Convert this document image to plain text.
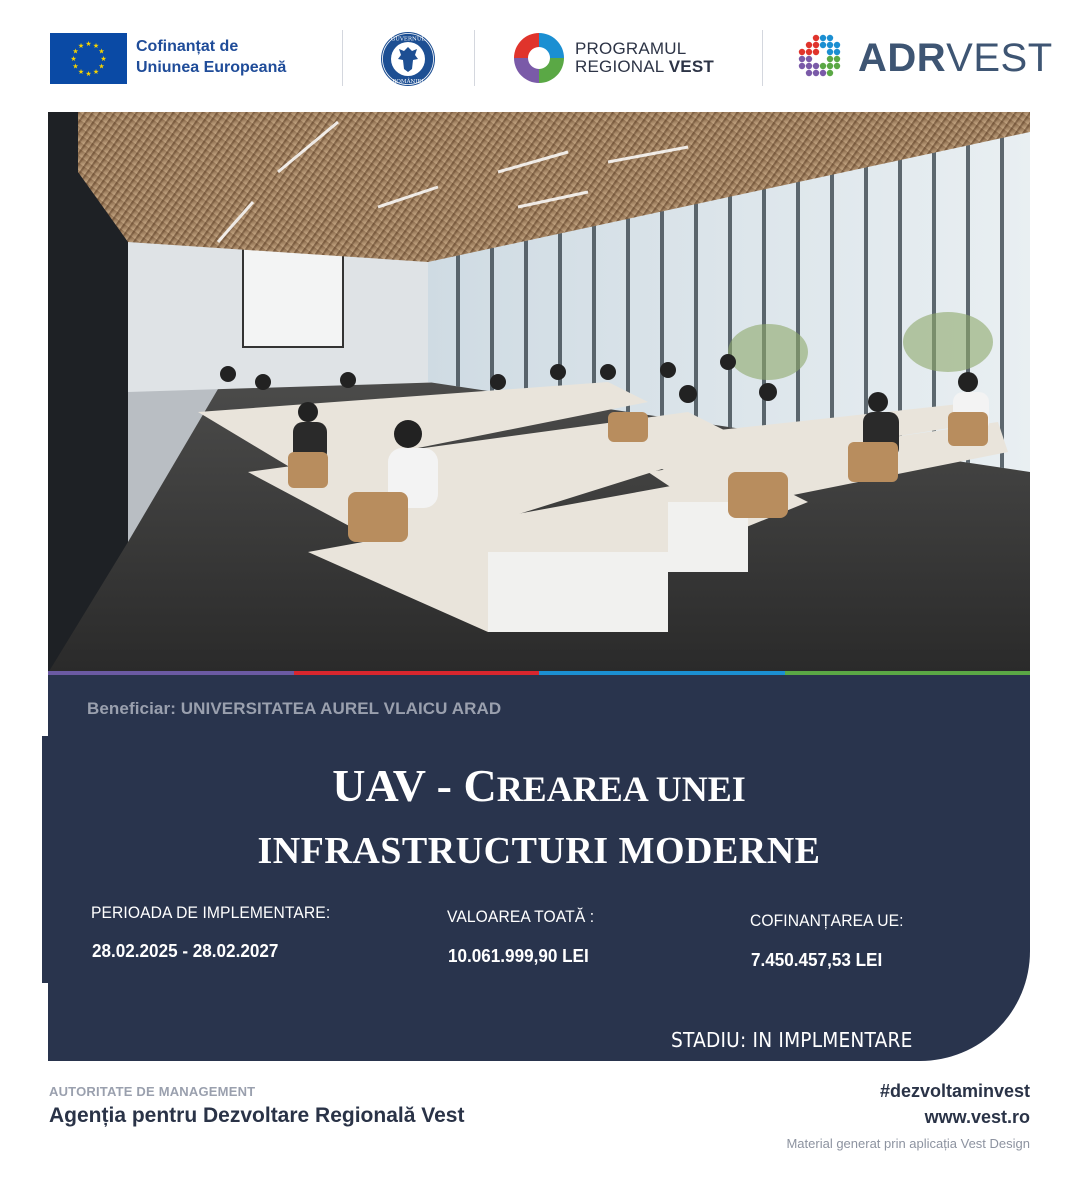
★ ★
★
★
★
★
★
★
★
★
★
★	Cofinanțat de
Uniunea Europeană
GUVERNUL
ROMÂNIEI
PROGRAMUL
REGIONAL VEST	ADRVEST
Beneficiar: UNIVERSITATEA AUREL VLAICU ARAD
UAV - CREAREA UNEI
INFRASTRUCTURI MODERNE
PERIOADA DE IMPLEMENTARE:
28.02.2025 - 28.02.2027
VALOAREA TOATĂ :
10.061.999,90 LEI
COFINANȚAREA UE:
7.450.457,53 LEI
STADIU: IN IMPLMENTARE
AUTORITATE DE MANAGEMENT
Agenția pentru Dezvoltare Regională Vest
#dezvoltaminvest
www.vest.ro
Material generat prin aplicația Vest Design
